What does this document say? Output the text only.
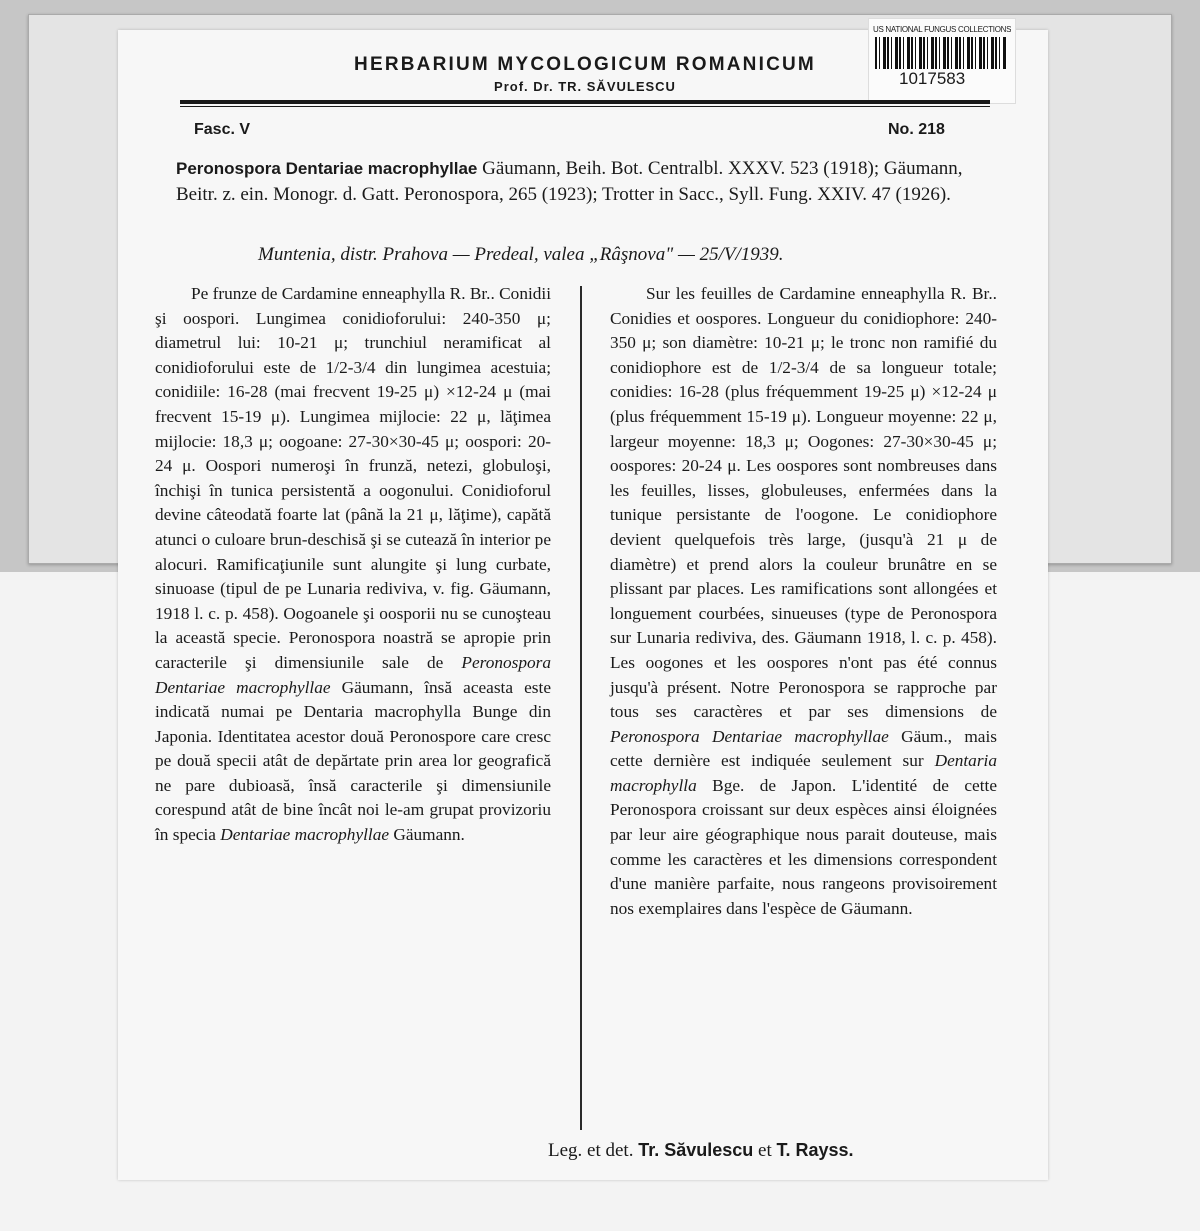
US NATIONAL FUNGUS COLLECTIONS
1017583
HERBARIUM MYCOLOGICUM ROMANICUM
Prof. Dr. TR. SĂVULESCU
Fasc. V	No. 218
Peronospora Dentariae macrophyllae Gäumann, Beih. Bot. Centralbl. XXXV. 523 (1918); Gäumann, Beitr. z. ein. Monogr. d. Gatt. Peronospora, 265 (1923); Trotter in Sacc., Syll. Fung. XXIV. 47 (1926).
Muntenia, distr. Prahova — Predeal, valea „Râşnova" — 25/V/1939.

Pe frunze de Cardamine enneaphylla R. Br.. Conidii şi oospori. Lungimea conidioforului: 240-350 μ; diametrul lui: 10-21 μ; trunchiul neramificat al conidioforului este de 1/2-3/4 din lungimea acestuia; conidiile: 16-28 (mai frecvent 19-25 μ) ×12-24 μ (mai frecvent 15-19 μ). Lungimea mijlocie: 22 μ, lăţimea mijlocie: 18,3 μ; oogoane: 27-30×30-45 μ; oospori: 20-24 μ. Oospori numeroşi în frunză, netezi, globuloşi, închişi în tunica persistentă a oogonului. Conidioforul devine câteodată foarte lat (până la 21 μ, lăţime), capătă atunci o culoare brun-deschisă şi se cutează în interior pe alocuri. Ramificaţiunile sunt alungite şi lung curbate, sinuoase (tipul de pe Lunaria rediviva, v. fig. Gäumann, 1918 l. c. p. 458). Oogoanele şi oosporii nu se cunoşteau la această specie. Peronospora noastră se apropie prin caracterile şi dimensiunile sale de Peronospora Dentariae macrophyllae Gäumann, însă aceasta este indicată numai pe Dentaria macrophylla Bunge din Japonia. Identitatea acestor două Peronospore care cresc pe două specii atât de depărtate prin area lor geografică ne pare dubioasă, însă caracterile şi dimensiunile corespund atât de bine încât noi le-am grupat provizoriu în specia Dentariae macrophyllae Gäumann.

Sur les feuilles de Cardamine enneaphylla R. Br.. Conidies et oospores. Longueur du conidiophore: 240-350 μ; son diamètre: 10-21 μ; le tronc non ramifié du conidiophore est de 1/2-3/4 de sa longueur totale; conidies: 16-28 (plus fréquemment 19-25 μ) ×12-24 μ (plus fréquemment 15-19 μ). Longueur moyenne: 22 μ, largeur moyenne: 18,3 μ; Oogones: 27-30×30-45 μ; oospores: 20-24 μ. Les oospores sont nombreuses dans les feuilles, lisses, globuleuses, enfermées dans la tunique persistante de l'oogone. Le conidiophore devient quelquefois très large, (jusqu'à 21 μ de diamètre) et prend alors la couleur brunâtre en se plissant par places. Les ramifications sont allongées et longuement courbées, sinueuses (type de Peronospora sur Lunaria rediviva, des. Gäumann 1918, l. c. p. 458). Les oogones et les oospores n'ont pas été connus jusqu'à présent. Notre Peronospora se rapproche par tous ses caractères et par ses dimensions de Peronospora Dentariae macrophyllae Gäum., mais cette dernière est indiquée seulement sur Dentaria macrophylla Bge. de Japon. L'identité de cette Peronospora croissant sur deux espèces ainsi éloignées par leur aire géographique nous parait douteuse, mais comme les caractères et les dimensions correspondent d'une manière parfaite, nous rangeons provisoirement nos exemplaires dans l'espèce de Gäumann.

Leg. et det. Tr. Săvulescu et T. Rayss.
